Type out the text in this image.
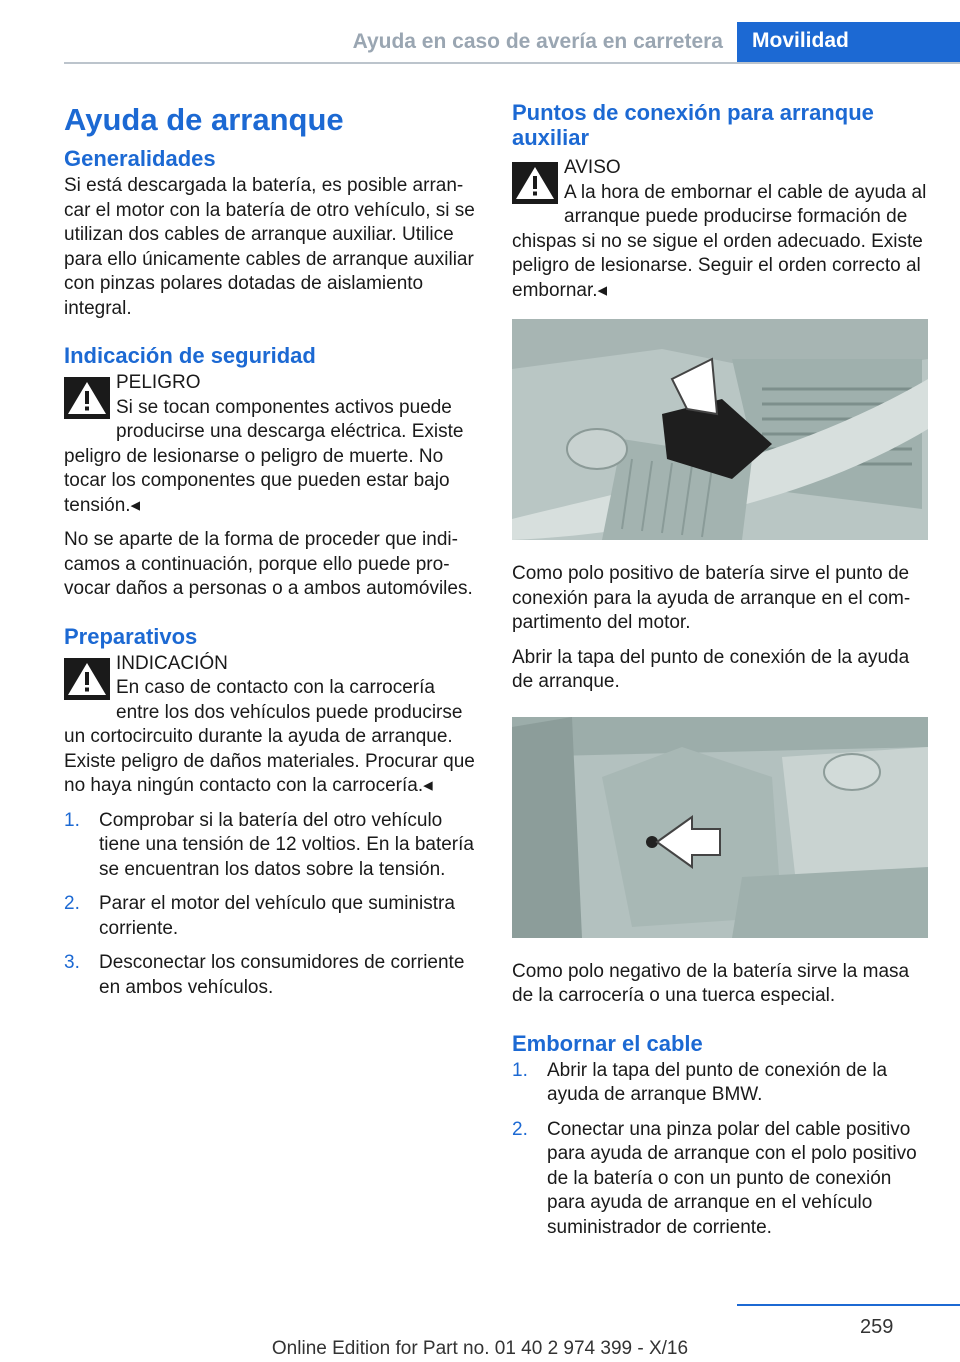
Ayuda en caso de avería en carretera	Movilidad
Ayuda de arranque
Generalidades

Si está descargada la batería, es posible arrancar el motor con la batería de otro vehículo, si se utilizan dos cables de arranque auxiliar. Utilice para ello únicamente cables de arranque auxiliar con pinzas polares dotadas de aislamiento integral.

Indicación de seguridad
PELIGRO
Si se tocan componentes activos puede producirse una descarga eléctrica. Existe peligro de lesionarse o peligro de muerte. No tocar los componentes que pueden estar bajo tensión.◂

No se aparte de la forma de proceder que indicamos a continuación, porque ello puede provocar daños a personas o a ambos automóviles.

Preparativos
INDICACIÓN
En caso de contacto con la carrocería entre los dos vehículos puede producirse un cortocircuito durante la ayuda de arranque. Existe peligro de daños materiales. Procurar que no haya ningún contacto con la carrocería.◂
1. Comprobar si la batería del otro vehículo tiene una tensión de 12 voltios. En la batería se encuentran los datos sobre la tensión.
2. Parar el motor del vehículo que suministra corriente.
3. Desconectar los consumidores de corriente en ambos vehículos.
Puntos de conexión para arranque auxiliar
AVISO
A la hora de embornar el cable de ayuda al arranque puede producirse formación de chispas si no se sigue el orden adecuado. Existe peligro de lesionarse. Seguir el orden correcto al embornar.◂

Como polo positivo de batería sirve el punto de conexión para la ayuda de arranque en el compartimento del motor.

Abrir la tapa del punto de conexión de la ayuda de arranque.

Como polo negativo de la batería sirve la masa de la carrocería o una tuerca especial.

Embornar el cable
1. Abrir la tapa del punto de conexión de la ayuda de arranque BMW.
2. Conectar una pinza polar del cable positivo para ayuda de arranque con el polo positivo de la batería o con un punto de conexión para ayuda de arranque en el vehículo suministrador de corriente.
259
Online Edition for Part no. 01 40 2 974 399 - X/16
